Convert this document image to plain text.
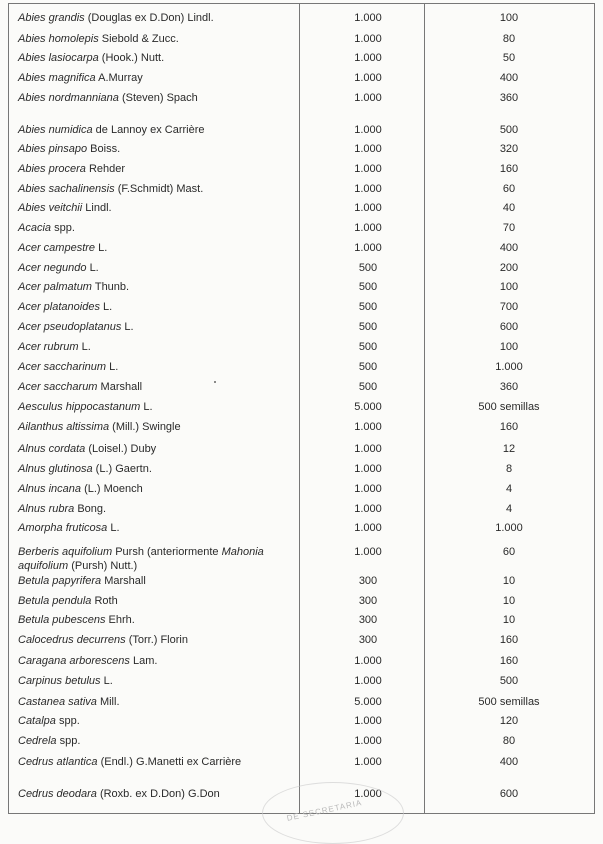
Abies grandis (Douglas ex D.Don) Lindl.	1.000	100
Abies homolepis Siebold & Zucc.	1.000	80
Abies lasiocarpa (Hook.) Nutt.	1.000	50
Abies magnifica A.Murray	1.000	400
Abies nordmanniana (Steven) Spach	1.000	360
Abies numidica de Lannoy ex Carrière	1.000	500
Abies pinsapo Boiss.	1.000	320
Abies procera Rehder	1.000	160
Abies sachalinensis (F.Schmidt) Mast.	1.000	60
Abies veitchii Lindl.	1.000	40
Acacia spp.	1.000	70
Acer campestre L.	1.000	400
Acer negundo L.	500	200
Acer palmatum Thunb.	500	100
Acer platanoides L.	500	700
Acer pseudoplatanus L.	500	600
Acer rubrum L.	500	100
Acer saccharinum L.	500	1.000
Acer saccharum Marshall	500	360
Aesculus hippocastanum L.	5.000	500 semillas
Ailanthus altissima (Mill.) Swingle	1.000	160
Alnus cordata (Loisel.) Duby	1.000	12
Alnus glutinosa (L.) Gaertn.	1.000	8
Alnus incana (L.) Moench	1.000	4
Alnus rubra Bong.	1.000	4
Amorpha fruticosa L.	1.000	1.000
Berberis aquifolium Pursh (anteriormente Mahonia aquifolium (Pursh) Nutt.)
1.000	60
Betula papyrifera Marshall	300	10
Betula pendula Roth	300	10
Betula pubescens Ehrh.	300	10
Calocedrus decurrens (Torr.) Florin	300	160
Caragana arborescens Lam.	1.000	160
Carpinus betulus L.	1.000	500
Castanea sativa Mill.	5.000	500 semillas
Catalpa spp.	1.000	120
Cedrela spp.	1.000	80
Cedrus atlantica (Endl.) G.Manetti ex Carrière	1.000	400
Cedrus deodara (Roxb. ex D.Don) G.Don	1.000	600
DE SECRETARIA
